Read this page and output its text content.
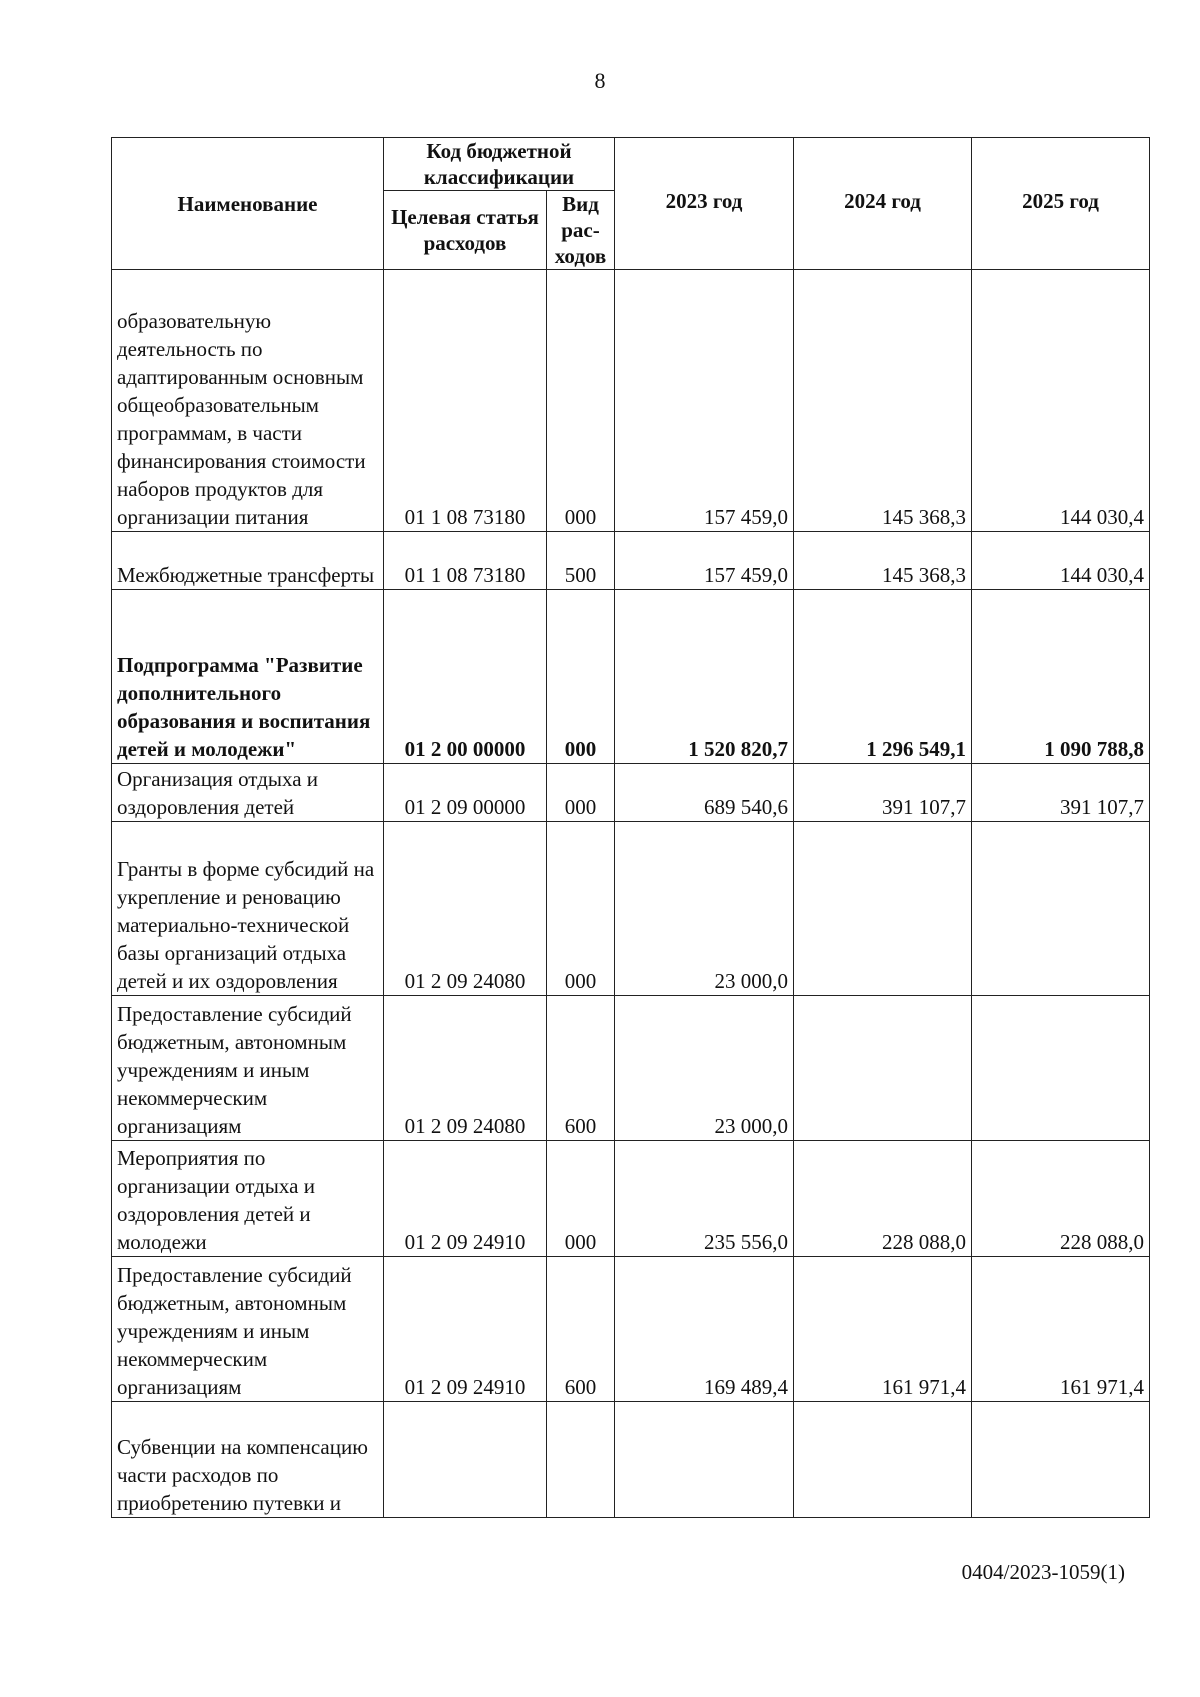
8
Наименование	Код бюджетной классификации		2023 год	2024 год	2025 год
	Целевая статья расходов	Вид рас-ходов			
образовательную деятельность по адаптированным основным общеобразовательным программам, в части финансирования стоимости наборов продуктов для организации питания	01 1 08 73180	000	157 459,0	145 368,3	144 030,4
Межбюджетные трансферты	01 1 08 73180	500	157 459,0	145 368,3	144 030,4
Подпрограмма "Развитие дополнительного образования и воспитания детей и молодежи"	01 2 00 00000	000	1 520 820,7	1 296 549,1	1 090 788,8
Организация отдыха и оздоровления детей	01 2 09 00000	000	689 540,6	391 107,7	391 107,7
Гранты в форме субсидий на укрепление и реновацию материально-технической базы организаций отдыха детей и их оздоровления	01 2 09 24080	000	23 000,0		
Предоставление субсидий бюджетным, автономным учреждениям и иным некоммерческим организациям	01 2 09 24080	600	23 000,0		
Мероприятия по организации отдыха и оздоровления детей и молодежи	01 2 09 24910	000	235 556,0	228 088,0	228 088,0
Предоставление субсидий бюджетным, автономным учреждениям и иным некоммерческим организациям	01 2 09 24910	600	169 489,4	161 971,4	161 971,4
Субвенции на компенсацию части расходов по приобретению путевки и					
0404/2023-1059(1)
